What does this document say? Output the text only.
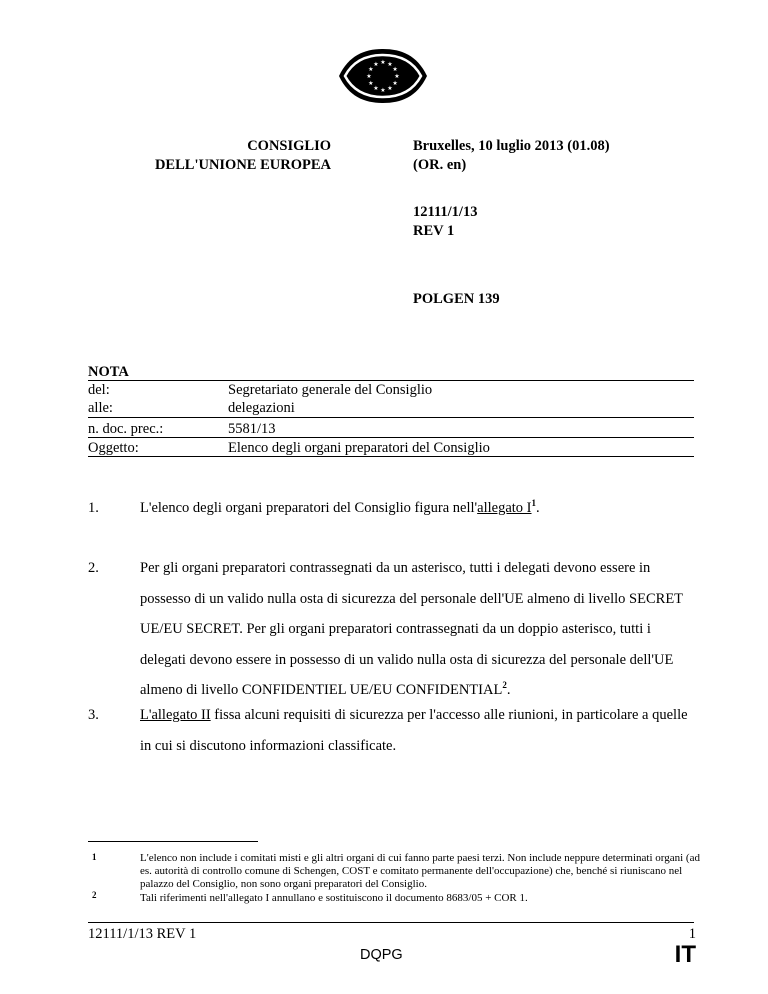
★ ★
★
★
★
★
★
★
★
★
★
★
CONSIGLIO
DELL'UNIONE EUROPEA
Bruxelles, 10 luglio 2013 (01.08)
(OR. en)
12111/1/13
REV 1
POLGEN 139
NOTA
del:	Segretariato generale del Consiglio
alle:	delegazioni
n. doc. prec.:	5581/13
Oggetto:	Elenco degli organi preparatori del Consiglio
1.	L'elenco degli organi preparatori del Consiglio figura nell'allegato $I^1$.
2.	Per gli organi preparatori contrassegnati da un asterisco, tutti i delegati devono essere in possesso di un valido nulla osta di sicurezza del personale dell'UE almeno di livello SECRET UE/EU SECRET. Per gli organi preparatori contrassegnati da un doppio asterisco, tutti i delegati devono essere in possesso di un valido nulla osta di sicurezza del personale dell'UE almeno di livello CONFIDENTIEL UE/EU CONFIDENTIAL$^2$.
3.	L'allegato II fissa alcuni requisiti di sicurezza per l'accesso alle riunioni, in particolare a quelle in cui si discutono informazioni classificate.
1	L'elenco non include i comitati misti e gli altri organi di cui fanno parte paesi terzi. Non include neppure determinati organi (ad es. autorità di controllo comune di Schengen, COST e comitato permanente dell'occupazione) che, benché si riuniscano nel palazzo del Consiglio, non sono organi preparatori del Consiglio.
2	Tali riferimenti nell'allegato I annullano e sostituiscono il documento 8683/05 + COR 1.
12111/1/13 REV 1
DQPG
1
IT
